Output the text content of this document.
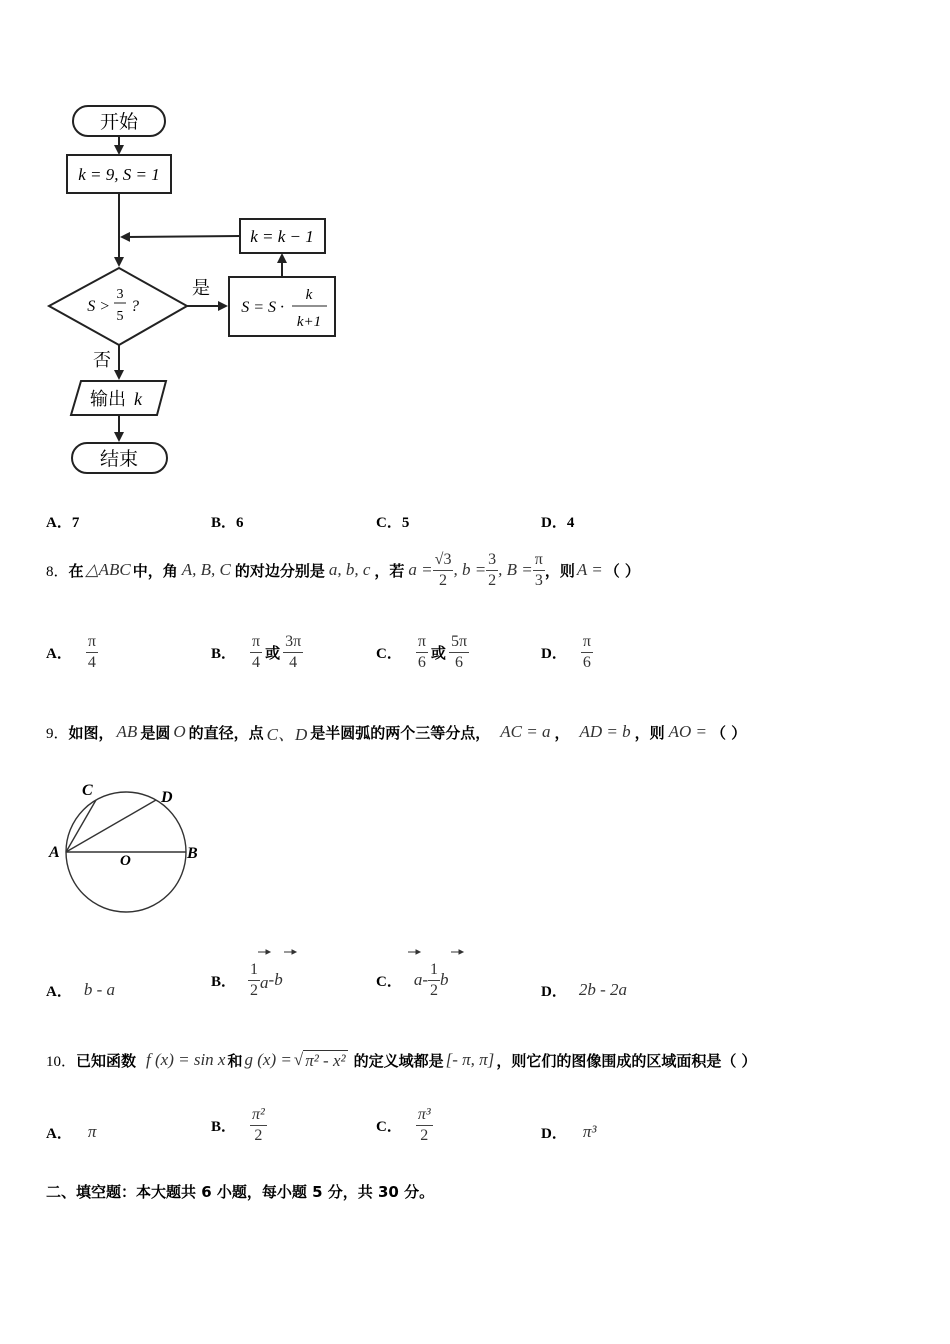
开始
k = 9, S = 1
k = k − 1
S >
3
5
?
是
S = S ·
k
k+1
否
输出 k
结束
A．7	B．6	C．5	D．4
8． 在 △ABC 中，角 A, B, C 的对边分别是 a, b, c ，若 $a = \frac{√3}{2}$ , $b = \frac{3}{2}$ , $B = \frac{\pi}{3}$ ，则 A = （ ）
A． $\frac{\pi}{4}$	B． $\frac{\pi}{4}$ 或 $\frac{3\pi}{4}$	C． $\frac{\pi}{6}$ 或 $\frac{5\pi}{6}$	D． $\frac{\pi}{6}$
9． 如图， AB 是圆 O 的直径，点 C、D 是半圆弧的两个三等分点， AC = a ， AD = b ，则 AO = （ ）
A	B
C	D
O
A． b - a	B． $\frac{1}{2}$ a - b	C． a - $\frac{1}{2}$ b
D． 2b - 2a
10． 已知函数 f (x) = sin x 和 g (x) = √ π² - x² 的定义域都是 [- π, π] ，则它们的图像围成的区域面积是（ ）
A． π	B． $\frac{\text{π²}}{2}$	C． $\frac{\text{π³}}{2}$	D． π³
二、填空题：本大题共 6 小题，每小题 5 分，共 30 分。
